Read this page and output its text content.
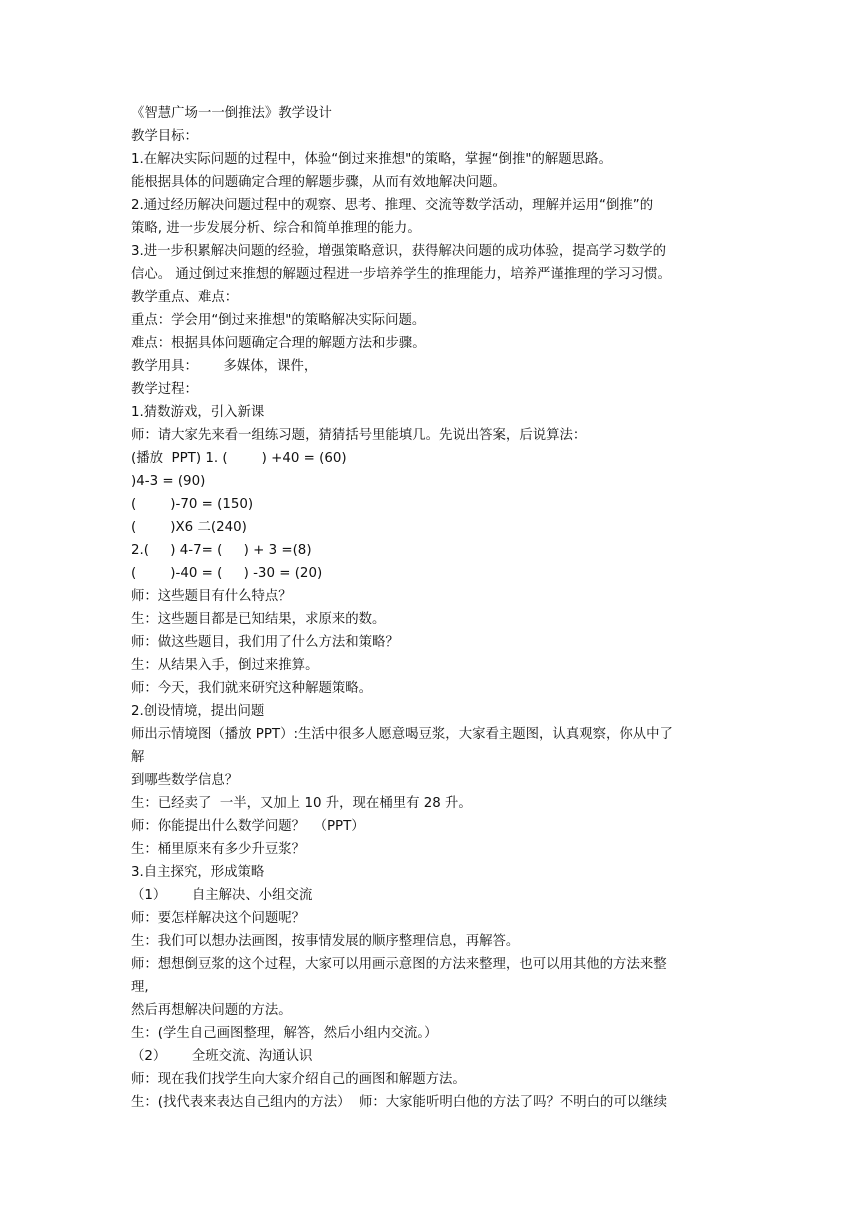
《智慧广场一一倒推法》教学设计
教学目标：
1.在解决实际问题的过程中，体验“倒过来推想"的策略，掌握“倒推"的解题思路。
能根据具体的问题确定合理的解题步骤，从而有效地解决问题。
2.通过经历解决问题过程中的观察、思考、推理、交流等数学活动，理解并运用“倒推”的
策略, 进一步发展分析、综合和简单推理的能力。
3.进一步积累解决问题的经验，增强策略意识，获得解决问题的成功体验，提高学习数学的
信心。 通过倒过来推想的解题过程进一步培养学生的推理能力，培养严谨推理的学习习惯。
教学重点、难点：
重点：学会用“倒过来推想"的策略解决实际问题。
难点：根据具体问题确定合理的解题方法和步骤。
教学用具：      多媒体，课件，
教学过程：
1.猜数游戏，引入新课
师：请大家先来看一组练习题，猜猜括号里能填几。先说出答案，后说算法：
(播放  PPT) 1. (        ) +40 = (60)
)4-3 = (90)
(        )-70 = (150)
(        )X6 二(240)
2.(     ) 4-7= (     ) + 3 =(8)
(        )-40 = (     ) -30 = (20)
师：这些题目有什么特点？
生：这些题目都是已知结果，求原来的数。
师：做这些题目，我们用了什么方法和策略？
生：从结果入手，倒过来推算。
师：今天，我们就来研究这种解题策略。
2.创设情境，提出问题
师出示情境图（播放 PPT）:生活中很多人愿意喝豆浆，大家看主题图，认真观察，你从中了
解
到哪些数学信息？
生：已经卖了  一半，又加上 10 升，现在桶里有 28 升。
师：你能提出什么数学问题？  （PPT）
生：桶里原来有多少升豆浆？
3.自主探究，形成策略
（1）      自主解决、小组交流
师：要怎样解决这个问题呢？
生：我们可以想办法画图，按事情发展的顺序整理信息，再解答。
师：想想倒豆浆的这个过程，大家可以用画示意图的方法来整理，也可以用其他的方法来整
理,
然后再想解决问题的方法。
生：(学生自己画图整理，解答，然后小组内交流。）
（2）      全班交流、沟通认识
师：现在我们找学生向大家介绍自己的画图和解题方法。
生：(找代表来表达自己组内的方法）  师：大家能听明白他的方法了吗？不明白的可以继续
